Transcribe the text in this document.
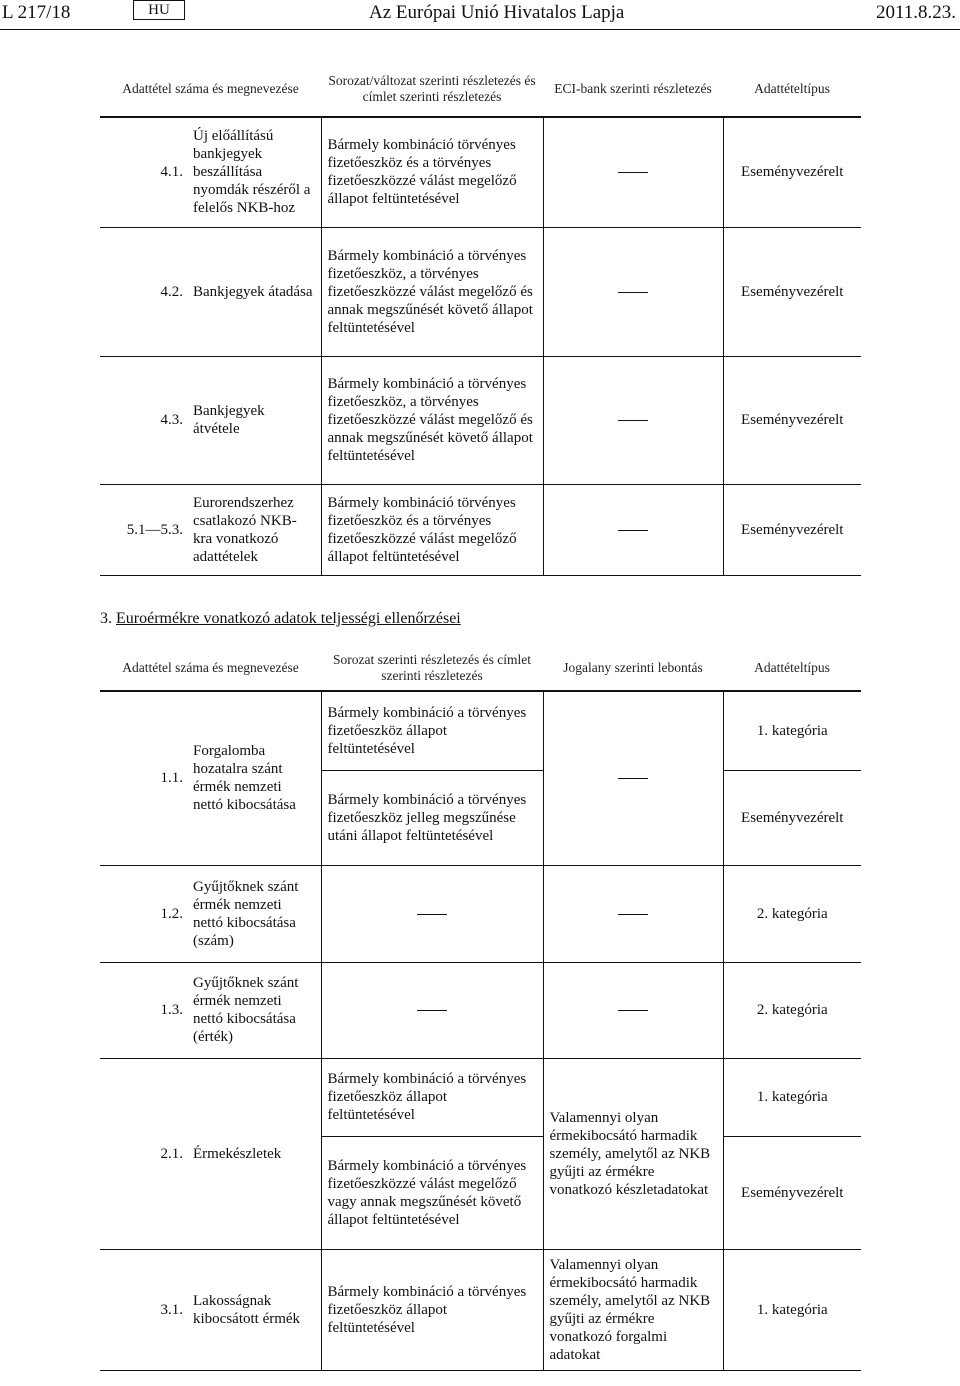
L 217/18	HU	Az Európai Unió Hivatalos Lapja	2011.8.23.
Adattétel száma és megnevezése		Sorozat/változat szerinti részletezés és címlet szerinti részletezés	ECI-bank szerinti részletezés	Adattételtípus
4.1.	Új előállítású bankjegyek beszállítása nyomdák részéről a felelős NKB-hoz	Bármely kombináció törvényes fizetőeszköz és a törvényes fizetőeszközzé válást megelőző állapot feltüntetésével		Eseményvezérelt
4.2.	Bankjegyek átadása	Bármely kombináció a törvényes fizetőeszköz, a törvényes fizetőeszközzé válást megelőző és annak megszűnését követő állapot feltüntetésével		Eseményvezérelt
4.3.	Bankjegyek átvétele	Bármely kombináció a törvényes fizetőeszköz, a törvényes fizetőeszközzé válást megelőző és annak megszűnését követő állapot feltüntetésével		Eseményvezérelt
5.1—5.3.	Eurorendszerhez csatlakozó NKB-kra vonatkozó adattételek	Bármely kombináció törvényes fizetőeszköz és a törvényes fizetőeszközzé válást megelőző állapot feltüntetésével		Eseményvezérelt
3. Euroérmékre vonatkozó adatok teljességi ellenőrzései
Adattétel száma és megnevezése		Sorozat szerinti részletezés és címlet szerinti részletezés	Jogalany szerinti lebontás	Adattételtípus
1.1.	Forgalomba hozatalra szánt érmék nemzeti nettó kibocsátása	Bármely kombináció a törvényes fizetőeszköz állapot feltüntetésével		1. kategória
		Bármely kombináció a törvényes fizetőeszköz jelleg megszűnése utáni állapot feltüntetésével		Eseményvezérelt
1.2.	Gyűjtőknek szánt érmék nemzeti nettó kibocsátása (szám)			2. kategória
1.3.	Gyűjtőknek szánt érmék nemzeti nettó kibocsátása (érték)			2. kategória
2.1.	Érmekészletek	Bármely kombináció a törvényes fizetőeszköz állapot feltüntetésével	Valamennyi olyan érmekibocsátó harmadik személy, amelytől az NKB gyűjti az érmékre vonatkozó készletadatokat	1. kategória
		Bármely kombináció a törvényes fizetőeszközzé válást megelőző vagy annak megszűnését követő állapot feltüntetésével		Eseményvezérelt
3.1.	Lakosságnak kibocsátott érmék	Bármely kombináció a törvényes fizetőeszköz állapot feltüntetésével	Valamennyi olyan érmekibocsátó harmadik személy, amelytől az NKB gyűjti az érmékre vonatkozó forgalmi adatokat	1. kategória
